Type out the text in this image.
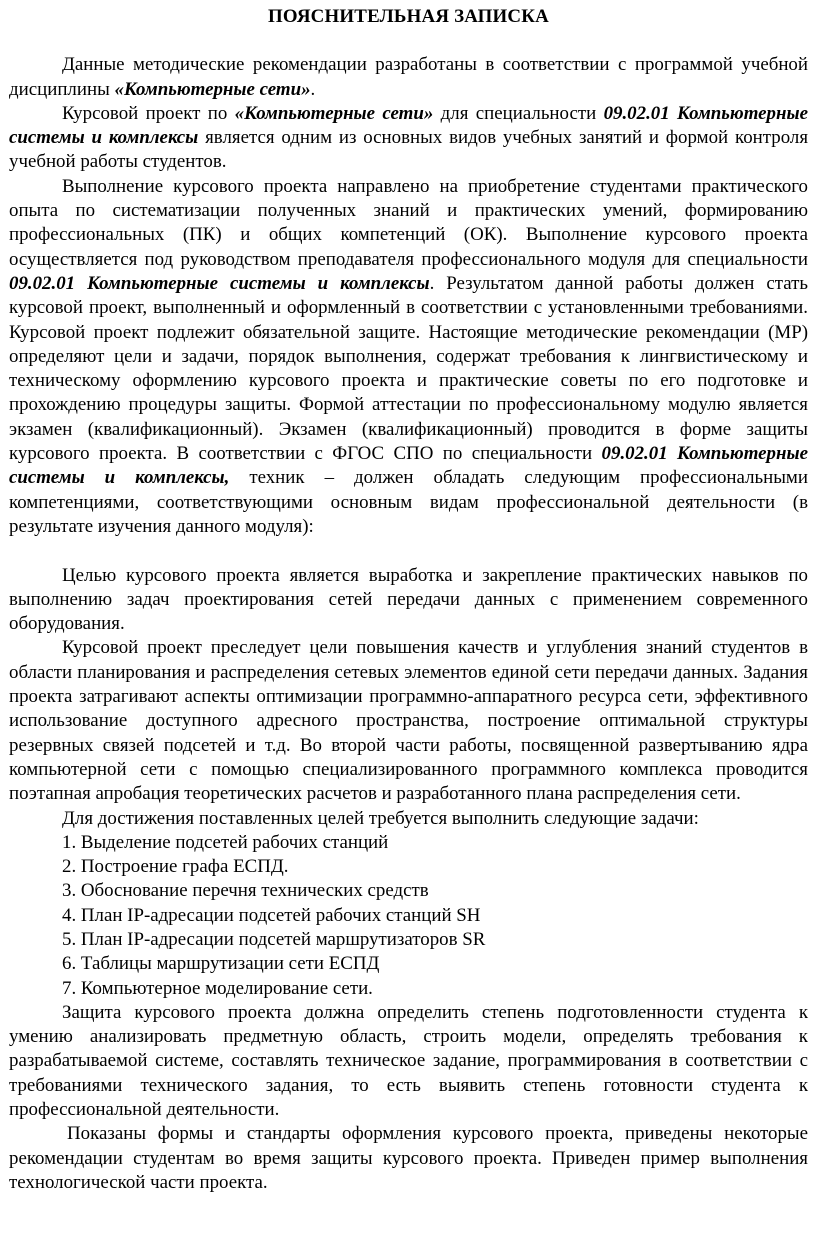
ПОЯСНИТЕЛЬНАЯ ЗАПИСКА

Данные методические рекомендации разработаны в соответствии с программой учебной дисциплины «Компьютерные сети».

Курсовой проект по «Компьютерные сети» для специальности 09.02.01 Компьютерные системы и комплексы является одним из основных видов учебных занятий и формой контроля учебной работы студентов.

Выполнение курсового проекта направлено на приобретение студентами практического опыта по систематизации полученных знаний и практических умений, формированию профессиональных (ПК) и общих компетенций (ОК). Выполнение курсового проекта осуществляется под руководством преподавателя профессионального модуля для специальности 09.02.01 Компьютерные системы и комплексы. Результатом данной работы должен стать курсовой проект, выполненный и оформленный в соответствии с установленными требованиями. Курсовой проект подлежит обязательной защите. Настоящие методические рекомендации (МР) определяют цели и задачи, порядок выполнения, содержат требования к лингвистическому и техническому оформлению курсового проекта и практические советы по его подготовке и прохождению процедуры защиты. Формой аттестации по профессиональному модулю является экзамен (квалификационный). Экзамен (квалификационный) проводится в форме защиты курсового проекта. В соответствии с ФГОС СПО по специальности 09.02.01 Компьютерные системы и комплексы, техник – должен обладать следующим профессиональными компетенциями, соответствующими основным видам профессиональной деятельности (в результате изучения данного модуля):

Целью курсового проекта является выработка и закрепление практических навыков по выполнению задач проектирования сетей передачи данных с применением современного оборудования.

Курсовой проект преследует цели повышения качеств и углубления знаний студентов в области планирования и распределения сетевых элементов единой сети передачи данных. Задания проекта затрагивают аспекты оптимизации программно-аппаратного ресурса сети, эффективного использование доступного адресного пространства, построение оптимальной структуры резервных связей подсетей и т.д. Во второй части работы, посвященной развертыванию ядра компьютерной сети с помощью специализированного программного комплекса проводится поэтапная апробация теоретических расчетов и разработанного плана распределения сети.

Для достижения поставленных целей требуется выполнить следующие задачи:

1. Выделение подсетей рабочих станций
2. Построение графа ЕСПД.
3. Обоснование перечня технических средств
4. План IP-адресации подсетей рабочих станций SH
5. План IP-адресации подсетей маршрутизаторов SR
6. Таблицы маршрутизации сети ЕСПД
7. Компьютерное моделирование сети.

Защита курсового проекта должна определить степень подготовленности студента к умению анализировать предметную область, строить модели, определять требования к разрабатываемой системе, составлять техническое задание, программирования в соответствии с требованиями технического задания, то есть выявить степень готовности студента к профессиональной деятельности.

Показаны формы и стандарты оформления курсового проекта, приведены некоторые рекомендации студентам во время защиты курсового проекта. Приведен пример выполнения технологической части проекта.
